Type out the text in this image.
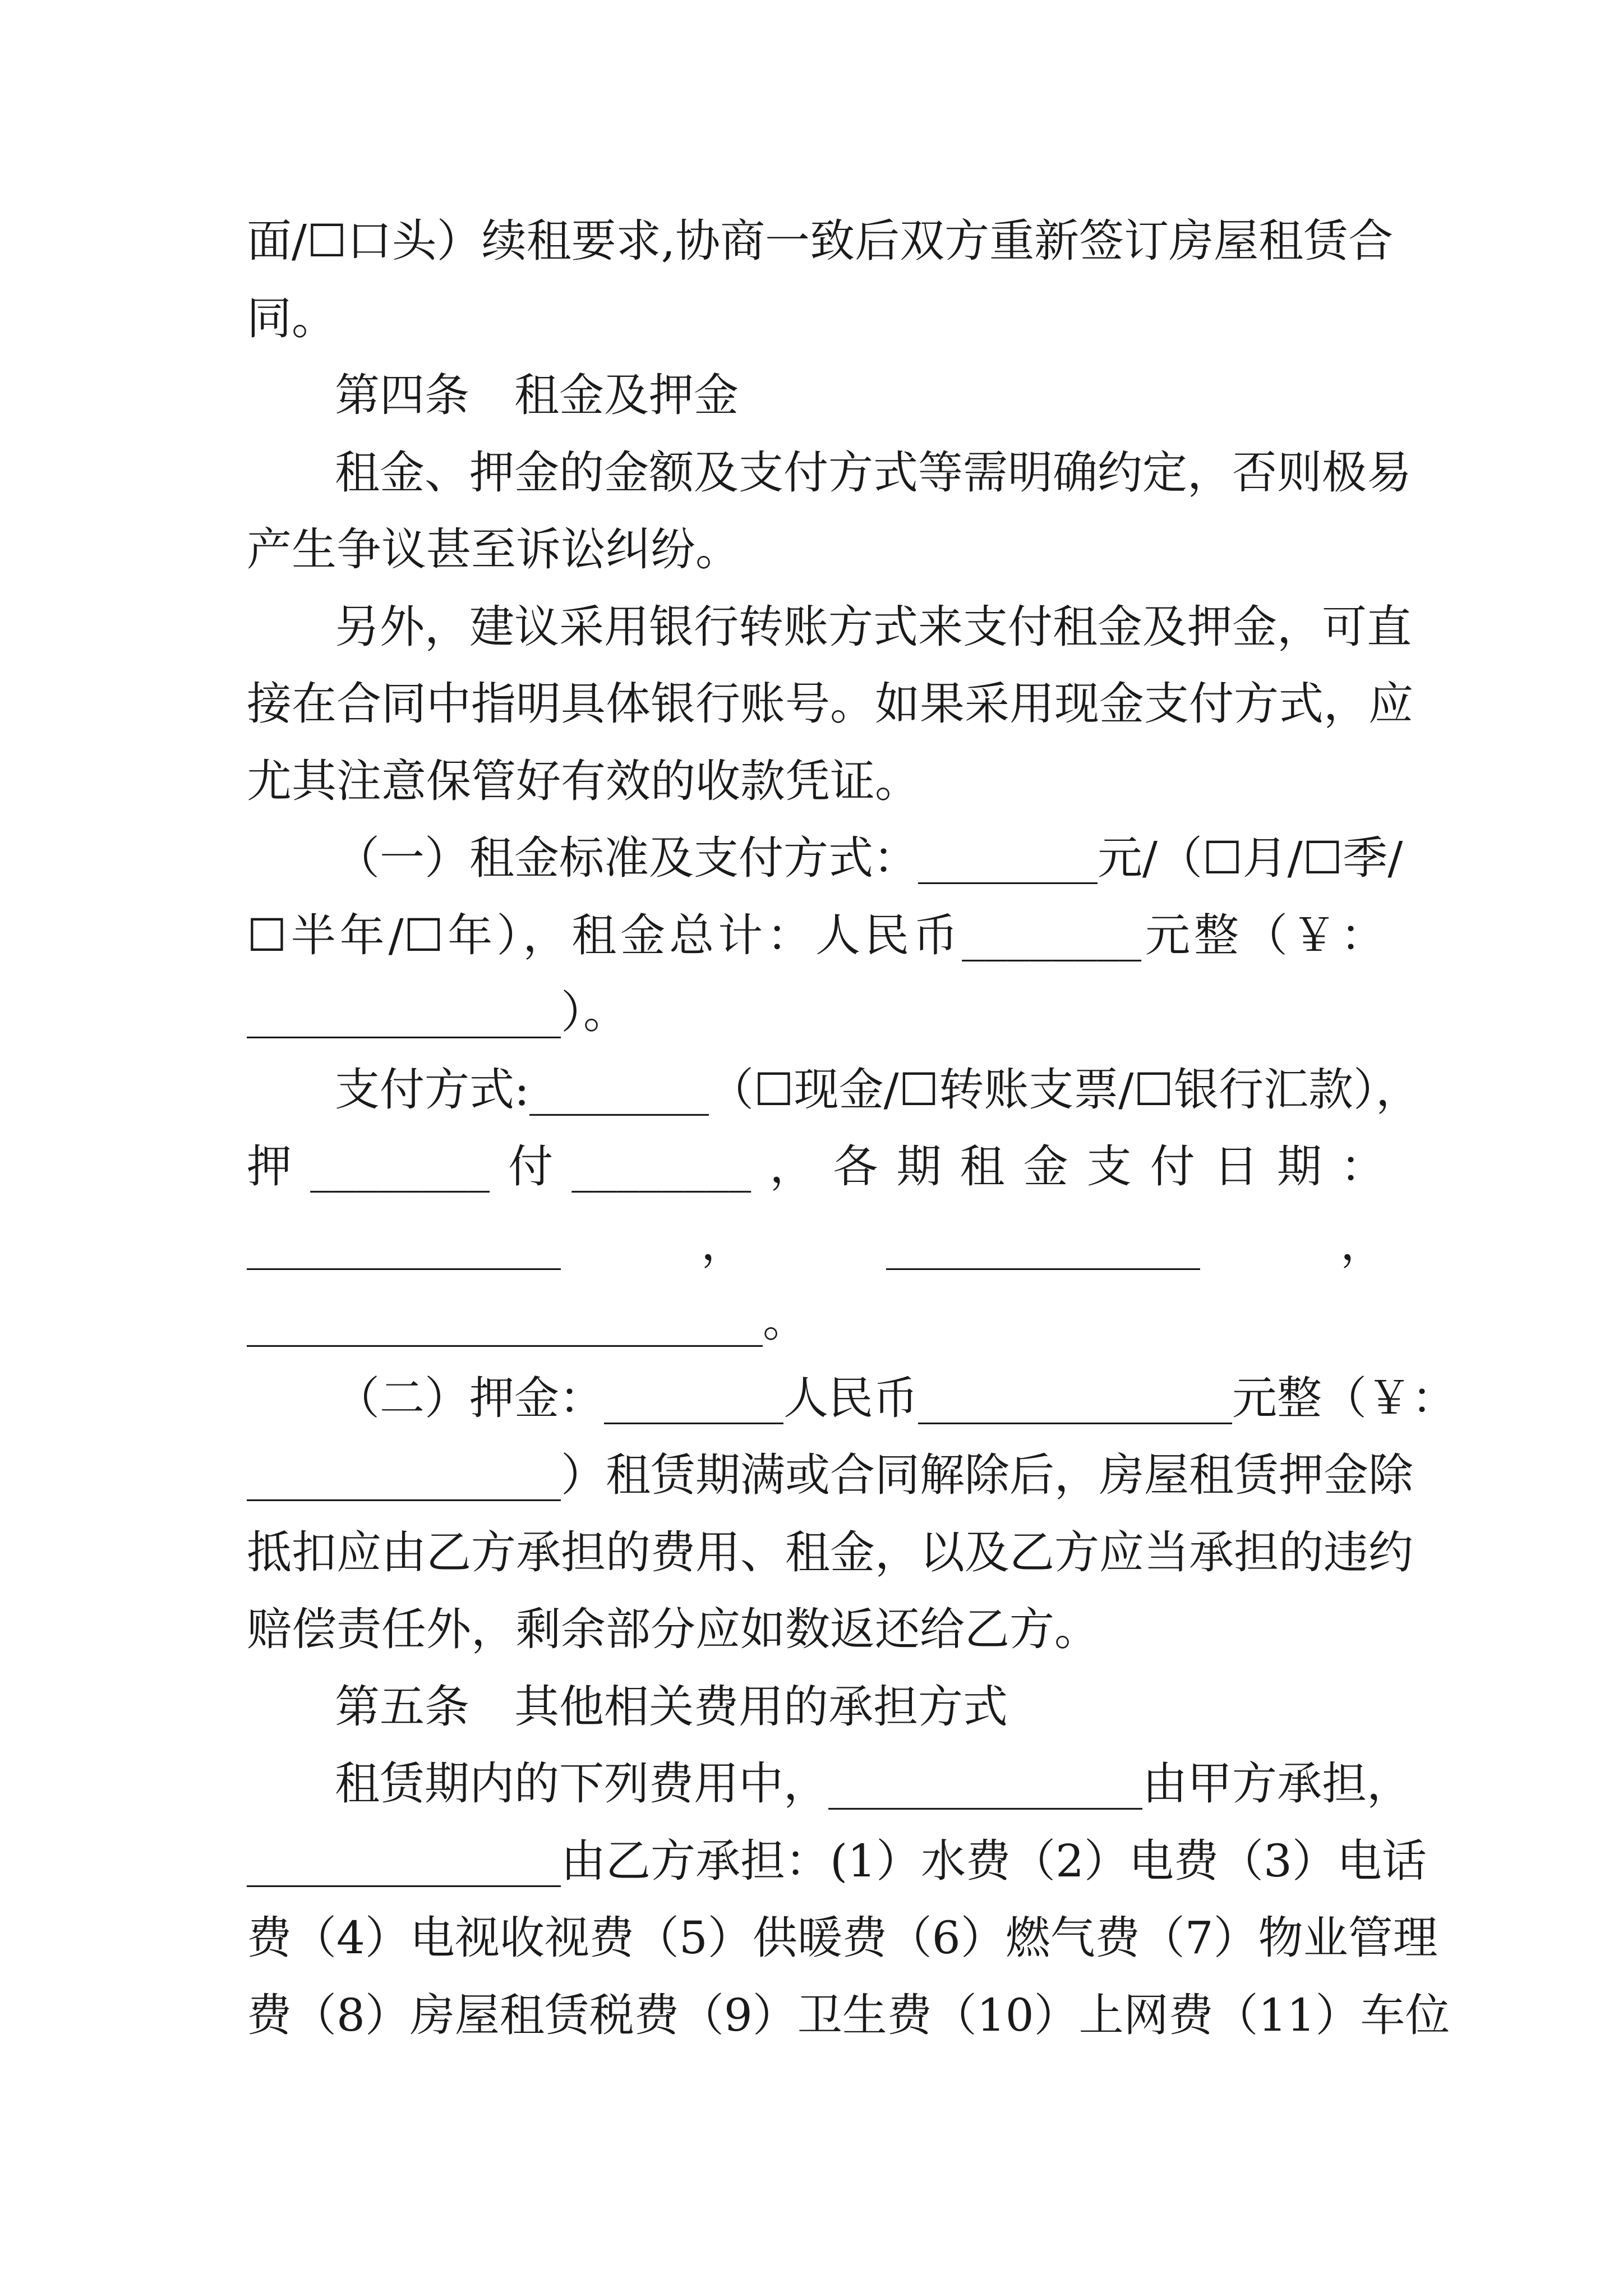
面/☐口头）续租要求,协商一致后双方重新签订房屋租赁合
同。
第四条　租金及押金
租金、押金的金额及支付方式等需明确约定，否则极易
产生争议甚至诉讼纠纷。
另外，建议采用银行转账方式来支付租金及押金，可直
接在合同中指明具体银行账号。如果采用现金支付方式，应
尤其注意保管好有效的收款凭证。
（一）租金标准及支付方式：________元/（☐月/☐季/
☐半年/☐年），租金总计：人民币________元整（￥：
______________）。
支付方式:________（☐现金/☐转账支票/☐银行汇款），
押________付________，各期租金支付日期：
______________，______________，
_______________________。
（二）押金：________人民币______________元整（￥：
______________）租赁期满或合同解除后，房屋租赁押金除
抵扣应由乙方承担的费用、租金，以及乙方应当承担的违约
赔偿责任外，剩余部分应如数返还给乙方。
第五条　其他相关费用的承担方式
租赁期内的下列费用中，______________由甲方承担，
______________由乙方承担：(1）水费（2）电费（3）电话
费（4）电视收视费（5）供暖费（6）燃气费（7）物业管理
费（8）房屋租赁税费（9）卫生费（10）上网费（11）车位
